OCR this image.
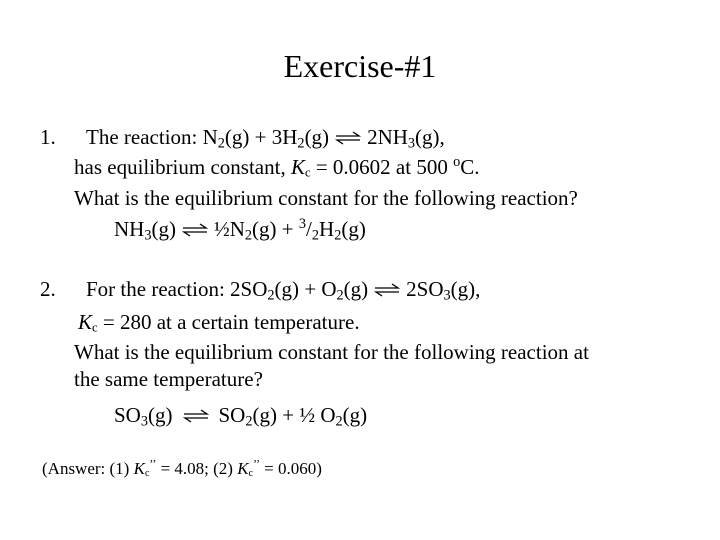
Exercise-#1
1. The reaction: $N_2(g) + 3H_2(g)$ ⇌ $2NH_3(g)$,
has equilibrium constant, $K_c = 0.0602$ at 500 $^o$C.
What is the equilibrium constant for the following reaction?
$NH_3(g)$ ⇌ $\frac{1}{2}N_2(g) + ^3/_2H_2(g)$
2. For the reaction: $2SO_2(g) + O_2(g)$ ⇌ $2SO_3(g)$,
$K_c = 280$ at a certain temperature.
What is the equilibrium constant for the following reaction at
the same temperature?
$SO_3(g)$ ⇌ $SO_2(g)$ + ½ $O_2(g)$
(Answer: (1) $K_c^{’’} = 4.08$; (2) $K_c^{’’} = 0.060$)
